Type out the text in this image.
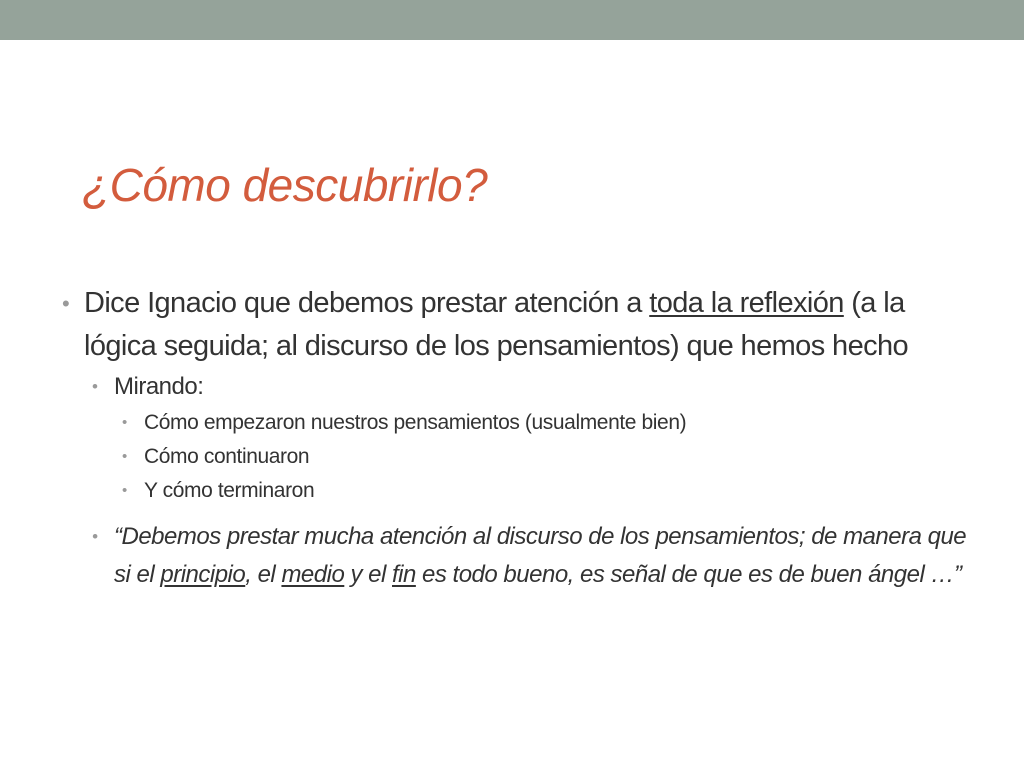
¿Cómo descubrirlo?
• Dice Ignacio que debemos prestar atención a toda la reflexión (a la lógica seguida; al discurso de los pensamientos) que hemos hecho
• Mirando:
• Cómo empezaron nuestros pensamientos (usualmente bien)
• Cómo continuaron
• Y cómo terminaron
• “Debemos prestar mucha atención al discurso de los pensamientos; de manera que si el principio, el medio y el fin es todo bueno, es señal de que es de buen ángel …”
